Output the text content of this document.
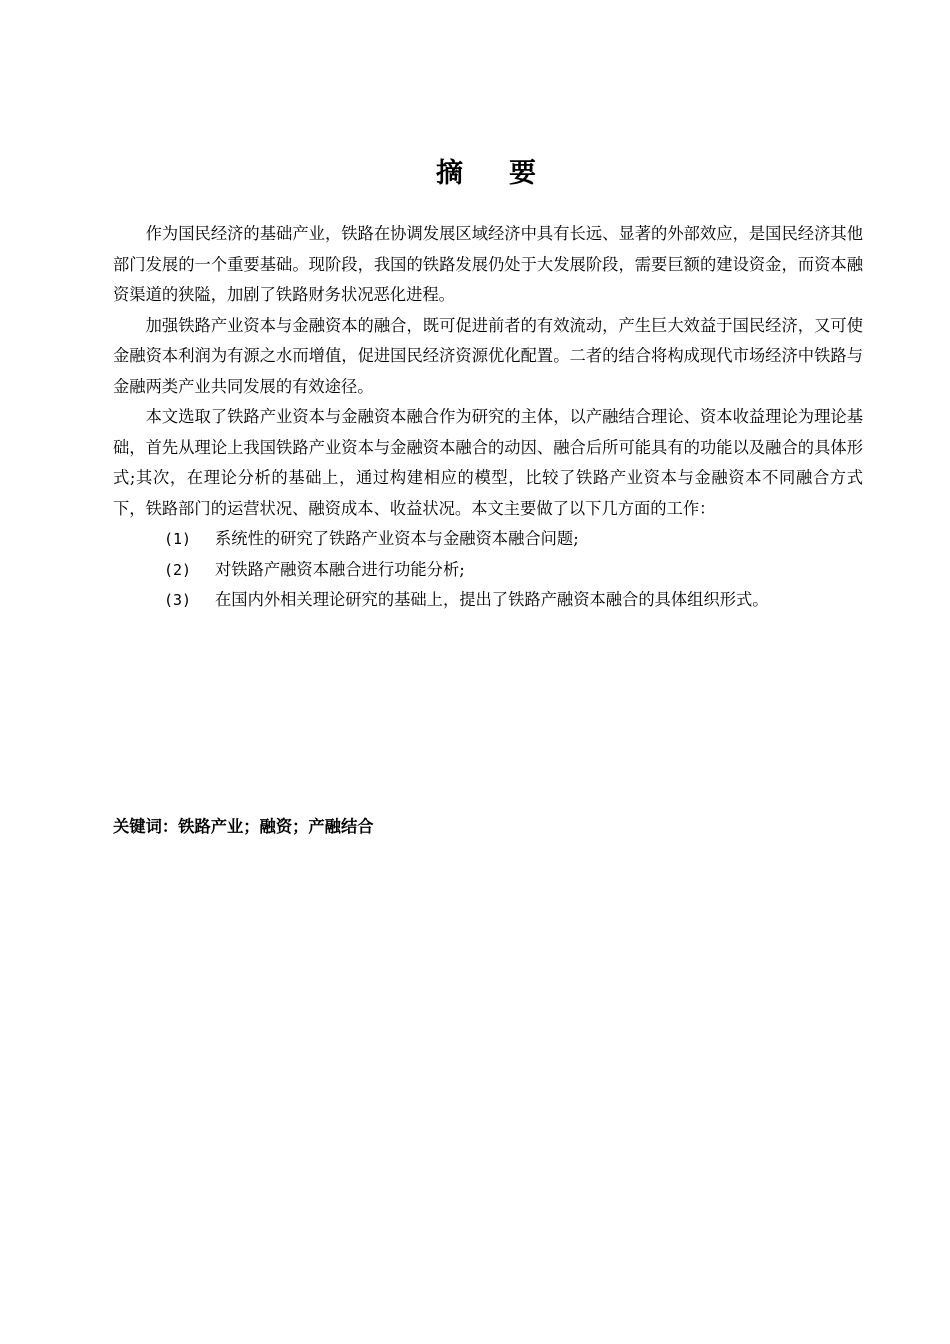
摘 要

作为国民经济的基础产业，铁路在协调发展区域经济中具有长远、显著的外部效应，是国民经济其他部门发展的一个重要基础。现阶段，我国的铁路发展仍处于大发展阶段，需要巨额的建设资金，而资本融资渠道的狭隘，加剧了铁路财务状况恶化进程。

加强铁路产业资本与金融资本的融合，既可促进前者的有效流动，产生巨大效益于国民经济，又可使金融资本利润为有源之水而增值，促进国民经济资源优化配置。二者的结合将构成现代市场经济中铁路与金融两类产业共同发展的有效途径。

本文选取了铁路产业资本与金融资本融合作为研究的主体，以产融结合理论、资本收益理论为理论基础，首先从理论上我国铁路产业资本与金融资本融合的动因、融合后所可能具有的功能以及融合的具体形式;其次，在理论分析的基础上，通过构建相应的模型，比较了铁路产业资本与金融资本不同融合方式下，铁路部门的运营状况、融资成本、收益状况。本文主要做了以下几方面的工作：

(1)	系统性的研究了铁路产业资本与金融资本融合问题;
(2)	对铁路产融资本融合进行功能分析;
(3)	在国内外相关理论研究的基础上，提出了铁路产融资本融合的具体组织形式。
关键词：铁路产业；融资；产融结合
